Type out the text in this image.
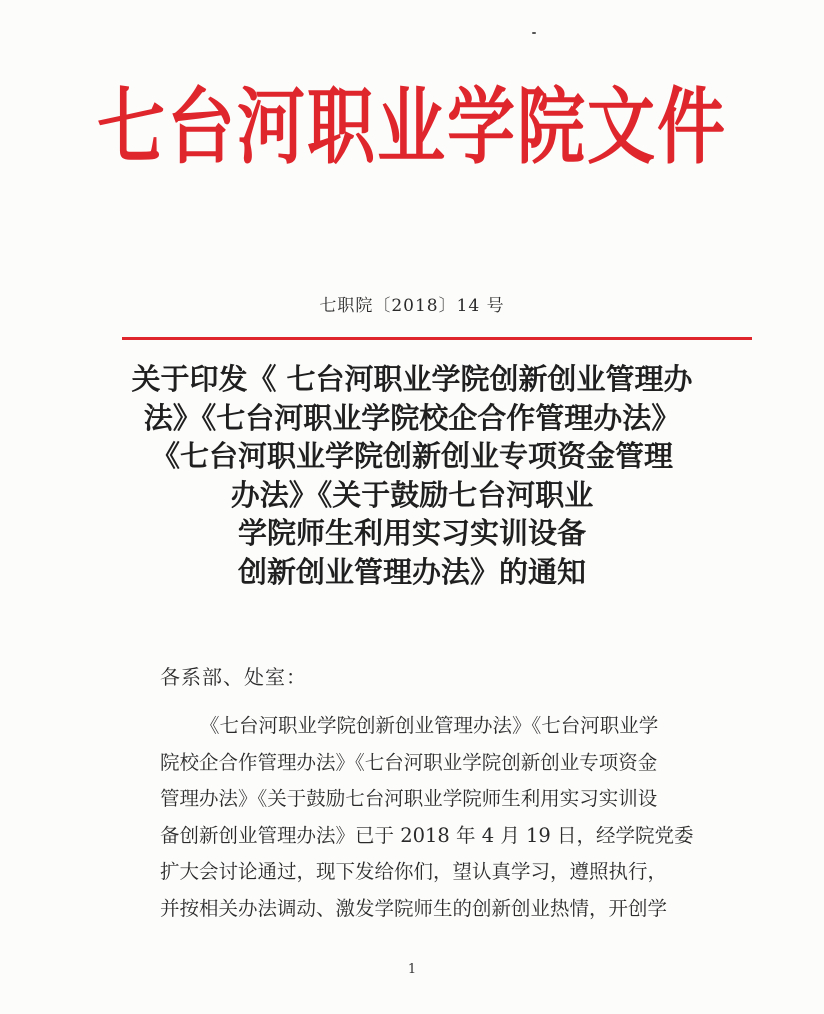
七台河职业学院文件
七职院〔2018〕14 号
关于印发《 七台河职业学院创新创业管理办
法》《七台河职业学院校企合作管理办法》
《七台河职业学院创新创业专项资金管理
办法》《关于鼓励七台河职业
学院师生利用实习实训设备
创新创业管理办法》的通知
各系部、处室：
《七台河职业学院创新创业管理办法》《七台河职业学
院校企合作管理办法》《七台河职业学院创新创业专项资金
管理办法》《关于鼓励七台河职业学院师生利用实习实训设
备创新创业管理办法》已于 2018 年 4 月 19 日，经学院党委
扩大会讨论通过，现下发给你们，望认真学习，遵照执行，
并按相关办法调动、激发学院师生的创新创业热情，开创学
1
